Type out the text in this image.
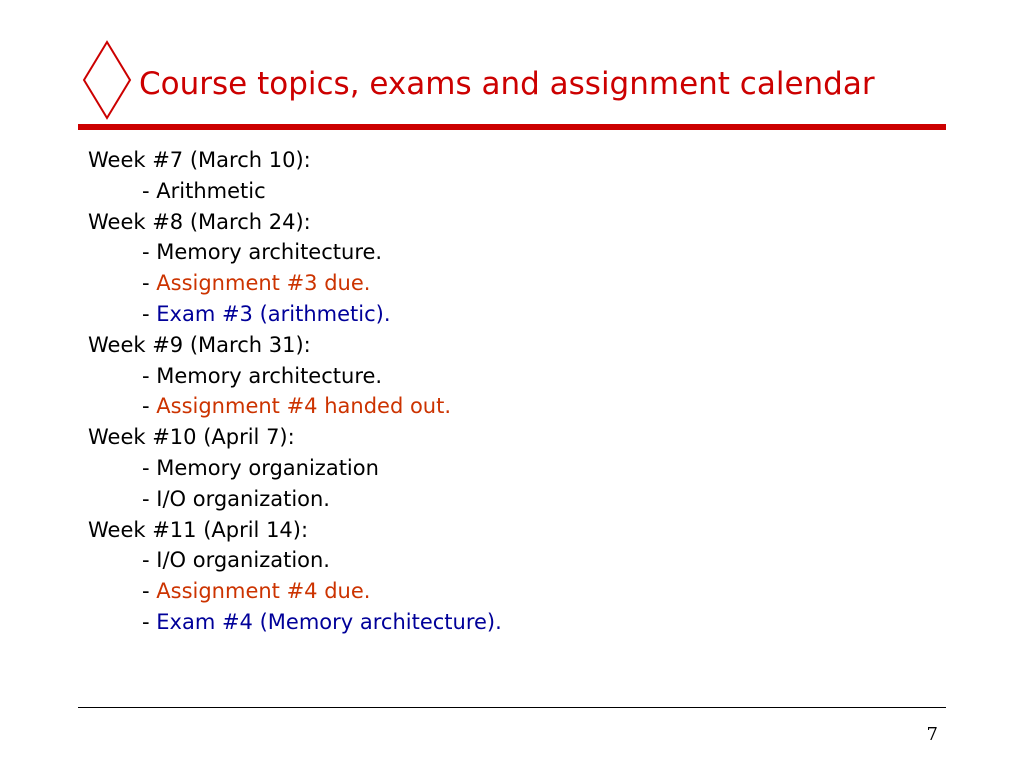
Course topics, exams and assignment calendar
Week #7 (March 10):
- Arithmetic
Week #8 (March 24):
- Memory architecture.
- Assignment #3 due.
- Exam #3 (arithmetic).
Week #9 (March 31):
- Memory architecture.
- Assignment #4 handed out.
Week #10 (April 7):
- Memory organization
- I/O organization.
Week #11 (April 14):
- I/O organization.
- Assignment #4 due.
- Exam #4 (Memory architecture).
7
